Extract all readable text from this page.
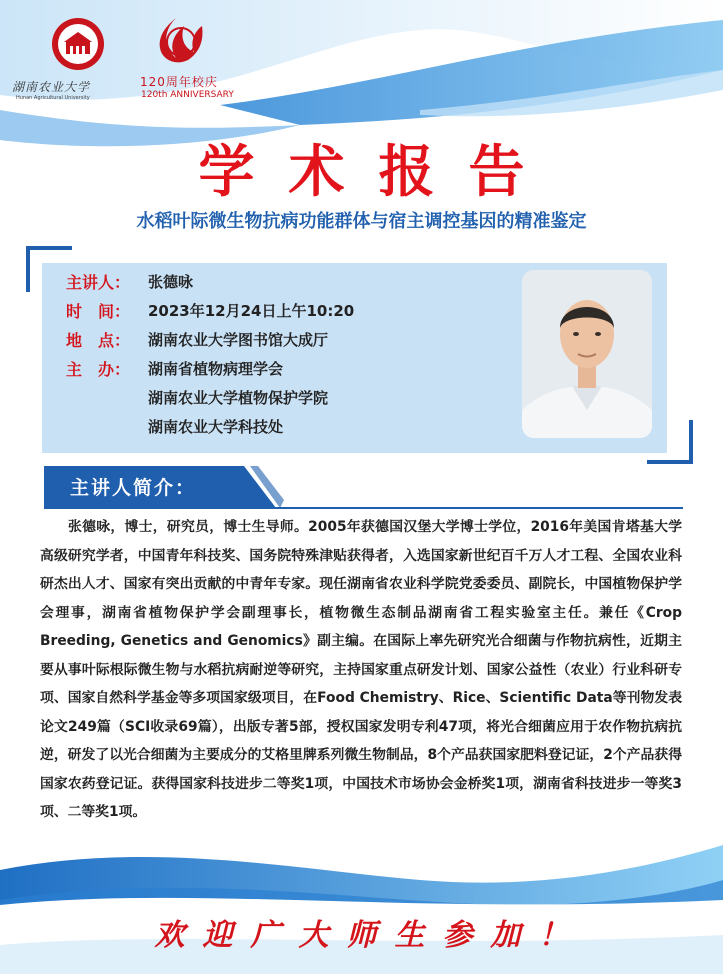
湖南农业大学
Hunan Agricultural University
120周年校庆
120th ANNIVERSARY
学术报告
水稻叶际微生物抗病功能群体与宿主调控基因的精准鉴定
主讲人：	张德咏
时　间：	2023年12月24日上午10:20
地　点：	湖南农业大学图书馆大成厅
主　办：	湖南省植物病理学会
湖南农业大学植物保护学院
湖南农业大学科技处
主讲人简介：
张德咏，博士，研究员，博士生导师。2005年获德国汉堡大学博士学位，2016年美国肯塔基大学高级研究学者，中国青年科技奖、国务院特殊津贴获得者，入选国家新世纪百千万人才工程、全国农业科研杰出人才、国家有突出贡献的中青年专家。现任湖南省农业科学院党委委员、副院长，中国植物保护学会理事，湖南省植物保护学会副理事长，植物微生态制品湖南省工程实验室主任。兼任《Crop Breeding, Genetics and Genomics》副主编。在国际上率先研究光合细菌与作物抗病性，近期主要从事叶际根际微生物与水稻抗病耐逆等研究，主持国家重点研发计划、国家公益性（农业）行业科研专项、国家自然科学基金等多项国家级项目，在Food Chemistry、Rice、Scientific Data等刊物发表论文249篇（SCI收录69篇），出版专著5部，授权国家发明专利47项，将光合细菌应用于农作物抗病抗逆，研发了以光合细菌为主要成分的艾格里牌系列微生物制品，8个产品获国家肥料登记证，2个产品获得国家农药登记证。获得国家科技进步二等奖1项，中国技术市场协会金桥奖1项，湖南省科技进步一等奖3项、二等奖1项。
欢迎广大师生参加！
